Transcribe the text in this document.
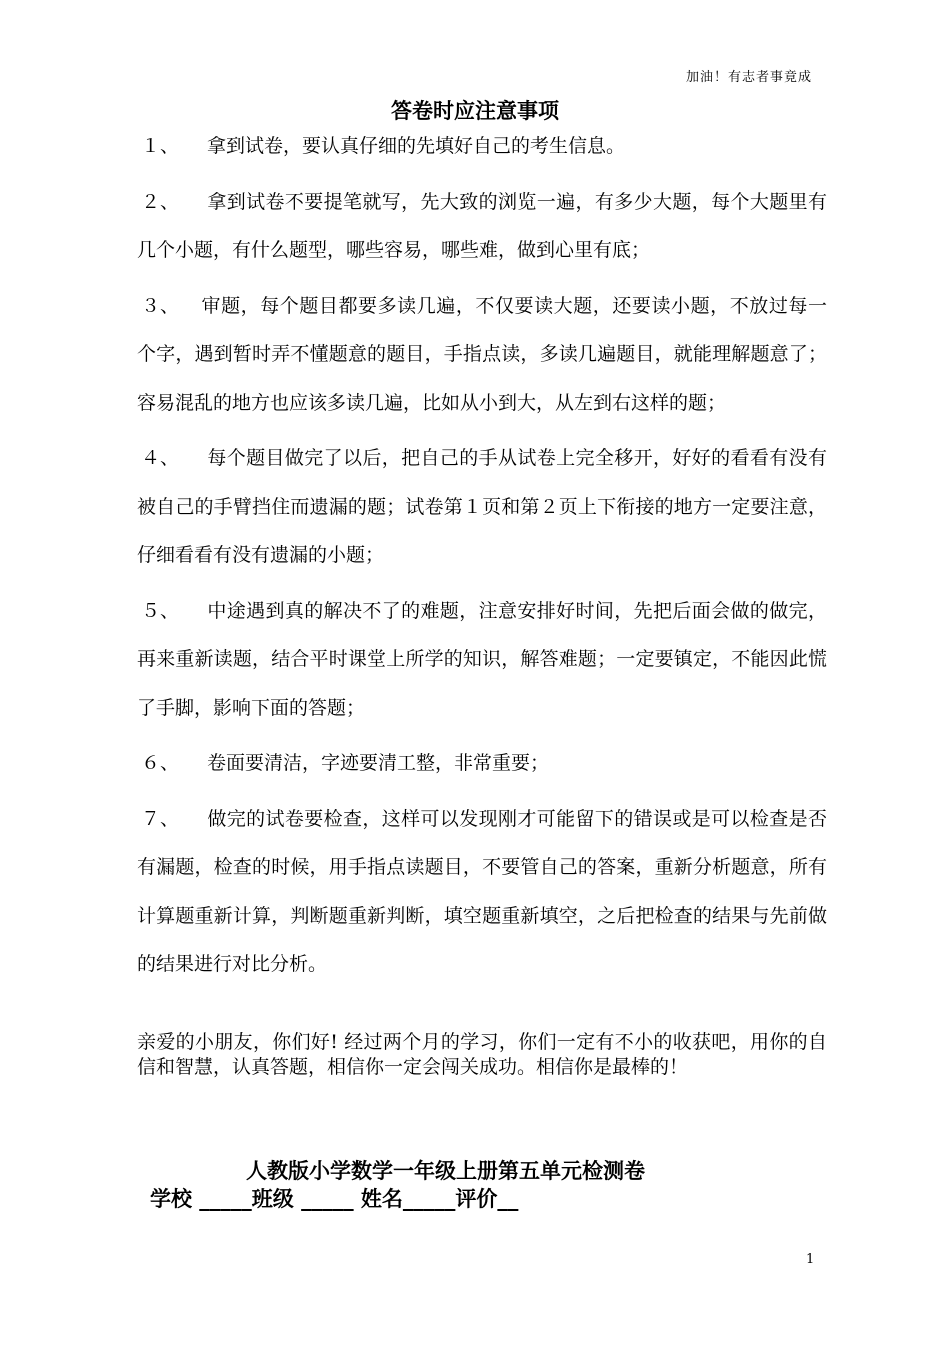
加油！有志者事竟成
答卷时应注意事项
１、 拿到试卷，要认真仔细的先填好自己的考生信息。
２、 拿到试卷不要提笔就写，先大致的浏览一遍，有多少大题，每个大题里有几个小题，有什么题型，哪些容易，哪些难，做到心里有底；
３、 审题，每个题目都要多读几遍，不仅要读大题，还要读小题，不放过每一个字，遇到暂时弄不懂题意的题目，手指点读，多读几遍题目，就能理解题意了；容易混乱的地方也应该多读几遍，比如从小到大，从左到右这样的题；
４、 每个题目做完了以后，把自己的手从试卷上完全移开，好好的看看有没有被自己的手臂挡住而遗漏的题；试卷第１页和第２页上下衔接的地方一定要注意，仔细看看有没有遗漏的小题；
５、 中途遇到真的解决不了的难题，注意安排好时间，先把后面会做的做完，再来重新读题，结合平时课堂上所学的知识，解答难题；一定要镇定，不能因此慌了手脚，影响下面的答题；
６、 卷面要清洁，字迹要清工整，非常重要；
７、 做完的试卷要检查，这样可以发现刚才可能留下的错误或是可以检查是否有漏题，检查的时候，用手指点读题目，不要管自己的答案，重新分析题意，所有计算题重新计算，判断题重新判断，填空题重新填空，之后把检查的结果与先前做的结果进行对比分析。

亲爱的小朋友，你们好! 经过两个月的学习，你们一定有不小的收获吧，用你的自信和智慧，认真答题，相信你一定会闯关成功。相信你是最棒的！

人教版小学数学一年级上册第五单元检测卷
学校 _____班级 _____ 姓名_____评价__
1
